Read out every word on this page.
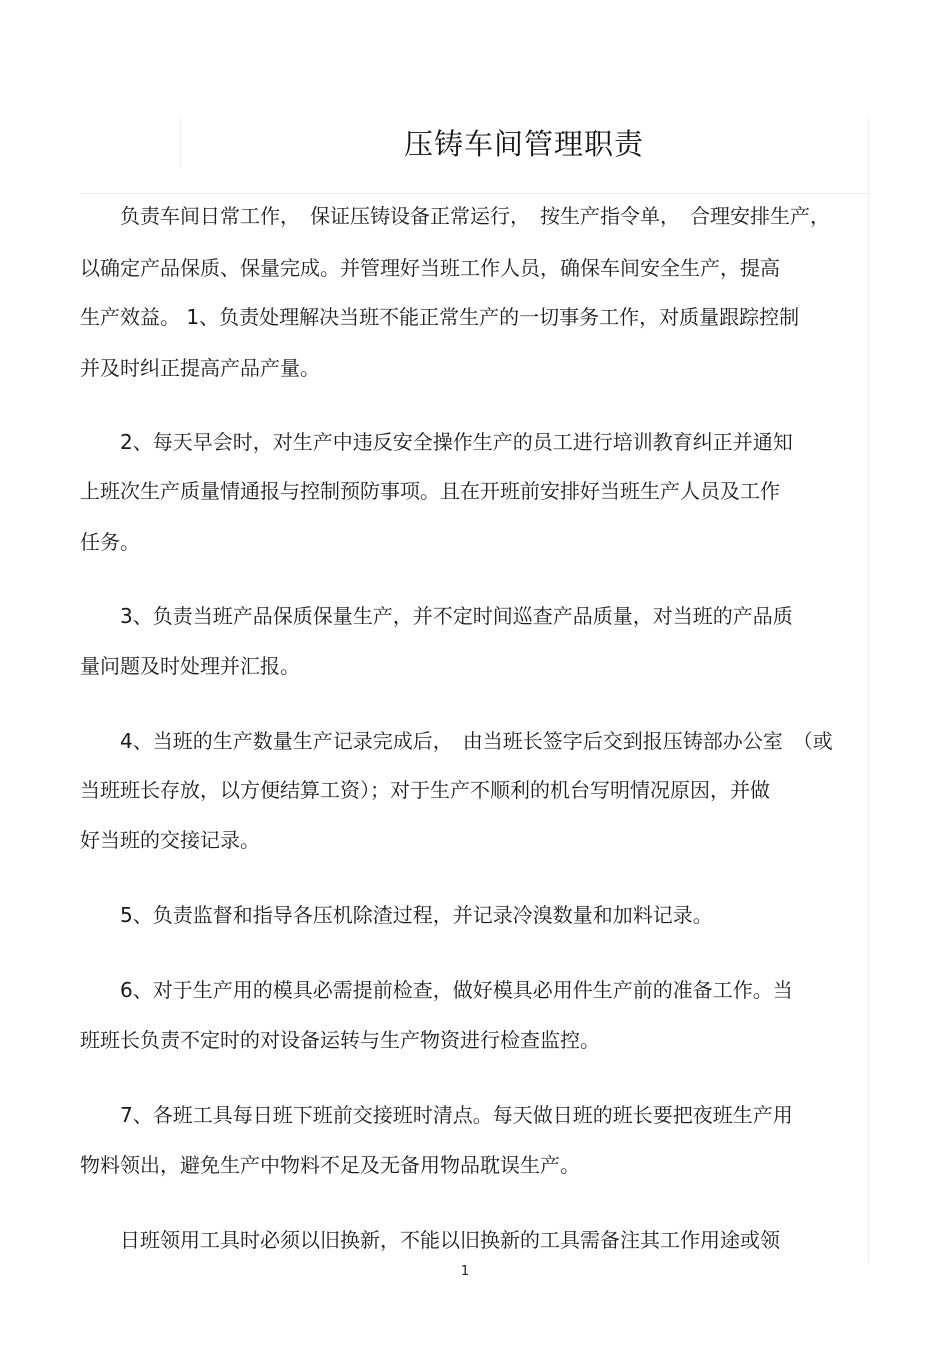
压铸车间管理职责

负责车间日常工作，　保证压铸设备正常运行，　按生产指令单，　合理安排生产，

以确定产品保质、保量完成。并管理好当班工作人员，确保车间安全生产，提高

生产效益。 1、负责处理解决当班不能正常生产的一切事务工作，对质量跟踪控制

并及时纠正提高产品产量。

2、每天早会时，对生产中违反安全操作生产的员工进行培训教育纠正并通知

上班次生产质量情通报与控制预防事项。且在开班前安排好当班生产人员及工作

任务。

3、负责当班产品保质保量生产，并不定时间巡查产品质量，对当班的产品质

量问题及时处理并汇报。

4、当班的生产数量生产记录完成后，　由当班长签字后交到报压铸部办公室　（或

当班班长存放，以方便结算工资）；对于生产不顺利的机台写明情况原因，并做

好当班的交接记录。

5、负责监督和指导各压机除渣过程，并记录冷溴数量和加料记录。

6、对于生产用的模具必需提前检查，做好模具必用件生产前的准备工作。当

班班长负责不定时的对设备运转与生产物资进行检查监控。

7、各班工具每日班下班前交接班时清点。每天做日班的班长要把夜班生产用

物料领出，避免生产中物料不足及无备用物品耽误生产。

日班领用工具时必须以旧换新，不能以旧换新的工具需备注其工作用途或领

1
